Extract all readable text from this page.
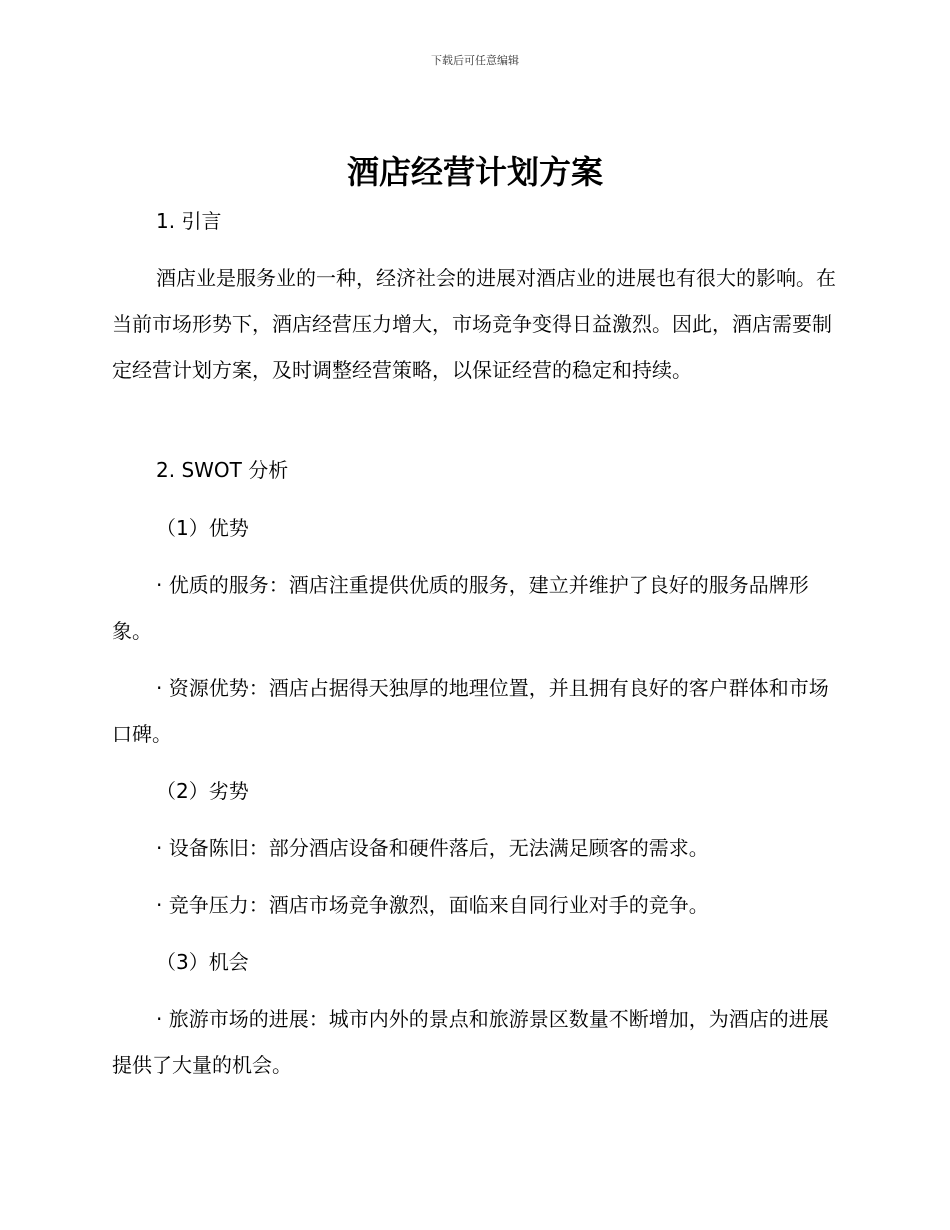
下载后可任意编辑
酒店经营计划方案
1. 引言

酒店业是服务业的一种，经济社会的进展对酒店业的进展也有很大的影响。在当前市场形势下，酒店经营压力增大，市场竞争变得日益激烈。因此，酒店需要制定经营计划方案，及时调整经营策略，以保证经营的稳定和持续。

2. SWOT 分析
（1）优势

· 优质的服务：酒店注重提供优质的服务，建立并维护了良好的服务品牌形象。

· 资源优势：酒店占据得天独厚的地理位置，并且拥有良好的客户群体和市场口碑。

（2）劣势

· 设备陈旧：部分酒店设备和硬件落后，无法满足顾客的需求。

· 竞争压力：酒店市场竞争激烈，面临来自同行业对手的竞争。

（3）机会

· 旅游市场的进展：城市内外的景点和旅游景区数量不断增加，为酒店的进展提供了大量的机会。
